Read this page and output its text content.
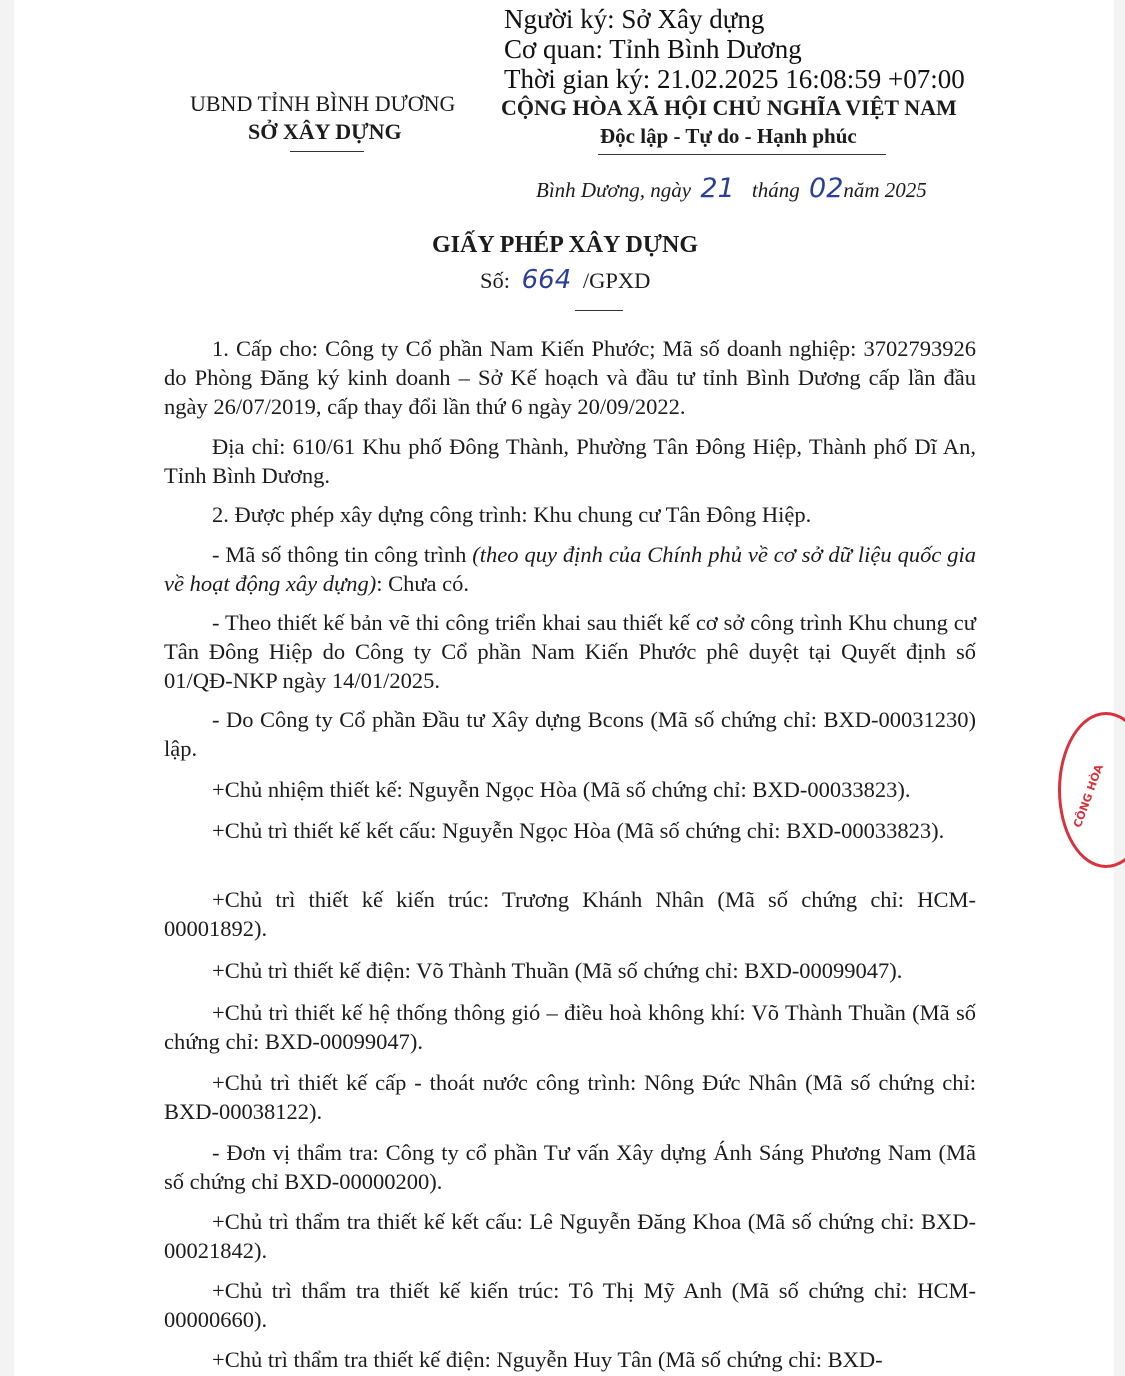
Người ký: Sở Xây dựng
Cơ quan: Tỉnh Bình Dương
Thời gian ký: 21.02.2025 16:08:59 +07:00
UBND TỈNH BÌNH DƯƠNG
SỞ XÂY DỰNG
CỘNG HÒA XÃ HỘI CHỦ NGHĨA VIỆT NAM
Độc lập - Tự do - Hạnh phúc
Bình Dương, ngày 21 tháng 02năm 2025
GIẤY PHÉP XÂY DỰNG
Số: 664 /GPXD
1. Cấp cho: Công ty Cổ phần Nam Kiến Phước; Mã số doanh nghiệp: 3702793926 do Phòng Đăng ký kinh doanh – Sở Kế hoạch và đầu tư tỉnh Bình Dương cấp lần đầu ngày 26/07/2019, cấp thay đổi lần thứ 6 ngày 20/09/2022.
Địa chỉ: 610/61 Khu phố Đông Thành, Phường Tân Đông Hiệp, Thành phố Dĩ An, Tỉnh Bình Dương.
2. Được phép xây dựng công trình: Khu chung cư Tân Đông Hiệp.
- Mã số thông tin công trình (theo quy định của Chính phủ về cơ sở dữ liệu quốc gia về hoạt động xây dựng): Chưa có.
- Theo thiết kế bản vẽ thi công triển khai sau thiết kế cơ sở công trình Khu chung cư Tân Đông Hiệp do Công ty Cổ phần Nam Kiến Phước phê duyệt tại Quyết định số 01/QĐ-NKP ngày 14/01/2025.
- Do Công ty Cổ phần Đầu tư Xây dựng Bcons (Mã số chứng chỉ: BXD-00031230) lập.
+Chủ nhiệm thiết kế: Nguyễn Ngọc Hòa (Mã số chứng chỉ: BXD-00033823).
+Chủ trì thiết kế kết cấu: Nguyễn Ngọc Hòa (Mã số chứng chỉ: BXD-00033823).
+Chủ trì thiết kế kiến trúc: Trương Khánh Nhân (Mã số chứng chỉ: HCM-00001892).
+Chủ trì thiết kế điện: Võ Thành Thuần (Mã số chứng chỉ: BXD-00099047).
+Chủ trì thiết kế hệ thống thông gió – điều hoà không khí: Võ Thành Thuần (Mã số chứng chỉ: BXD-00099047).
+Chủ trì thiết kế cấp - thoát nước công trình: Nông Đức Nhân (Mã số chứng chỉ: BXD-00038122).
- Đơn vị thẩm tra: Công ty cổ phần Tư vấn Xây dựng Ánh Sáng Phương Nam (Mã số chứng chỉ BXD-00000200).
+Chủ trì thẩm tra thiết kế kết cấu: Lê Nguyễn Đăng Khoa (Mã số chứng chỉ: BXD-00021842).
+Chủ trì thẩm tra thiết kế kiến trúc: Tô Thị Mỹ Anh (Mã số chứng chỉ: HCM-00000660).
+Chủ trì thẩm tra thiết kế điện: Nguyễn Huy Tân (Mã số chứng chỉ: BXD-
CÔNG HÒA
